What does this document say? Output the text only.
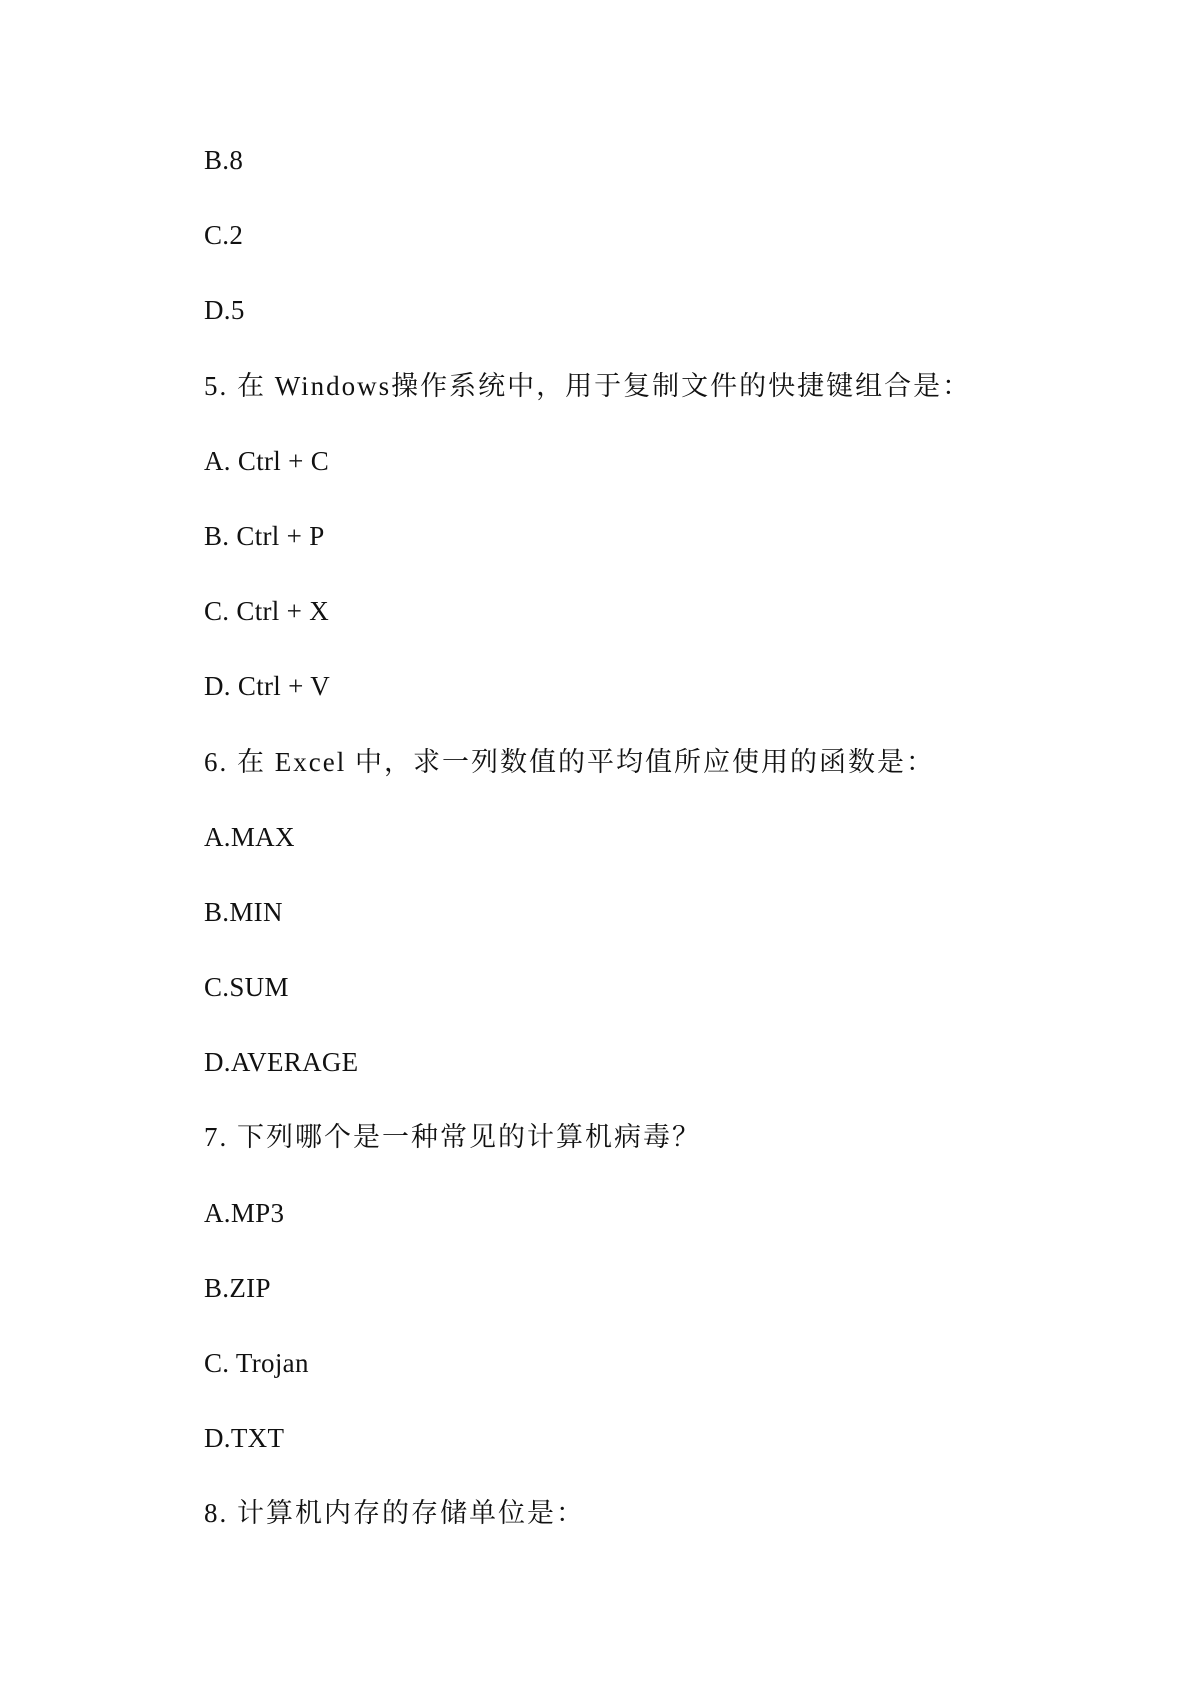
B.8
C.2
D.5
5. 在 Windows操作系统中，用于复制文件的快捷键组合是：
A. Ctrl + C
B. Ctrl + P
C. Ctrl + X
D. Ctrl + V
6. 在 Excel 中，求一列数值的平均值所应使用的函数是：
A.MAX
B.MIN
C.SUM
D.AVERAGE
7. 下列哪个是一种常见的计算机病毒？
A.MP3
B.ZIP
C. Trojan
D.TXT
8. 计算机内存的存储单位是：
